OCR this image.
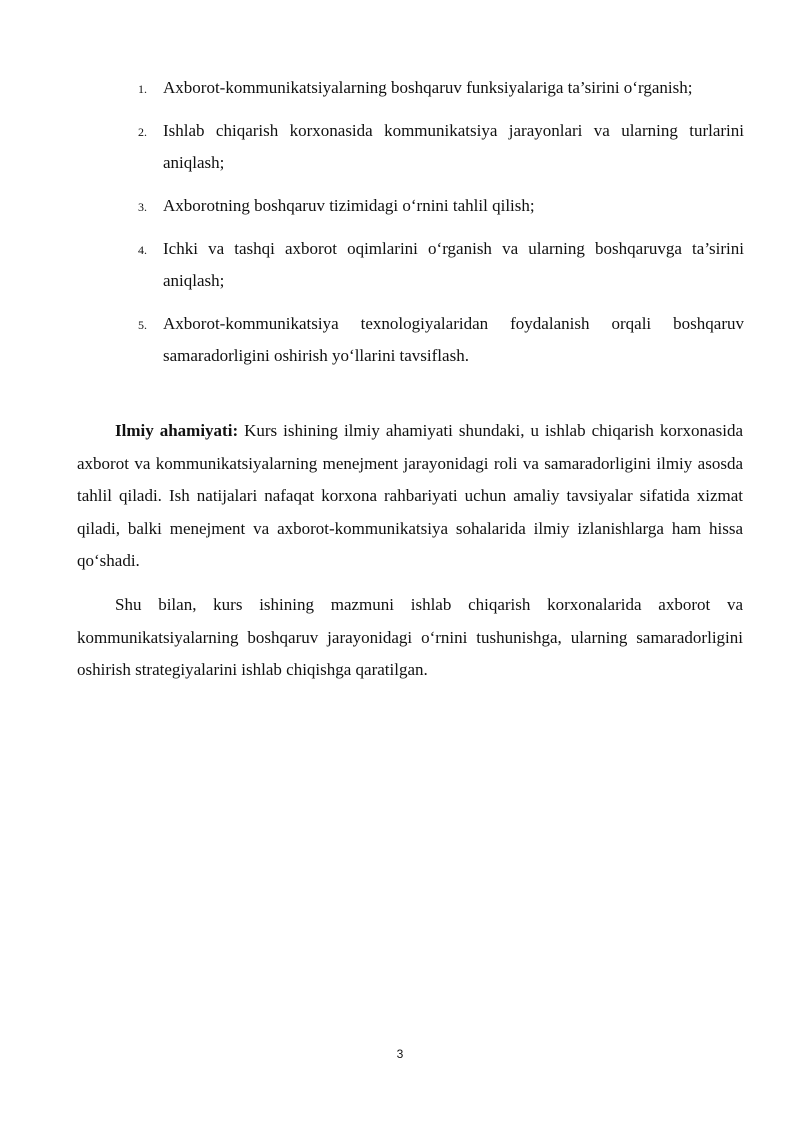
1. Axborot-kommunikatsiyalarning boshqaruv funksiyalariga ta’sirini o‘rganish;
2. Ishlab chiqarish korxonasida kommunikatsiya jarayonlari va ularning turlarini aniqlash;
3. Axborotning boshqaruv tizimidagi o‘rnini tahlil qilish;
4. Ichki va tashqi axborot oqimlarini o‘rganish va ularning boshqaruvga ta’sirini aniqlash;
5. Axborot-kommunikatsiya texnologiyalaridan foydalanish orqali boshqaruv samaradorligini oshirish yo‘llarini tavsiflash.

Ilmiy ahamiyati: Kurs ishining ilmiy ahamiyati shundaki, u ishlab chiqarish korxonasida axborot va kommunikatsiyalarning menejment jarayonidagi roli va samaradorligini ilmiy asosda tahlil qiladi. Ish natijalari nafaqat korxona rahbariyati uchun amaliy tavsiyalar sifatida xizmat qiladi, balki menejment va axborot-kommunikatsiya sohalarida ilmiy izlanishlarga ham hissa qo‘shadi.

Shu bilan, kurs ishining mazmuni ishlab chiqarish korxonalarida axborot va kommunikatsiyalarning boshqaruv jarayonidagi o‘rnini tushunishga, ularning samaradorligini oshirish strategiyalarini ishlab chiqishga qaratilgan.

3
